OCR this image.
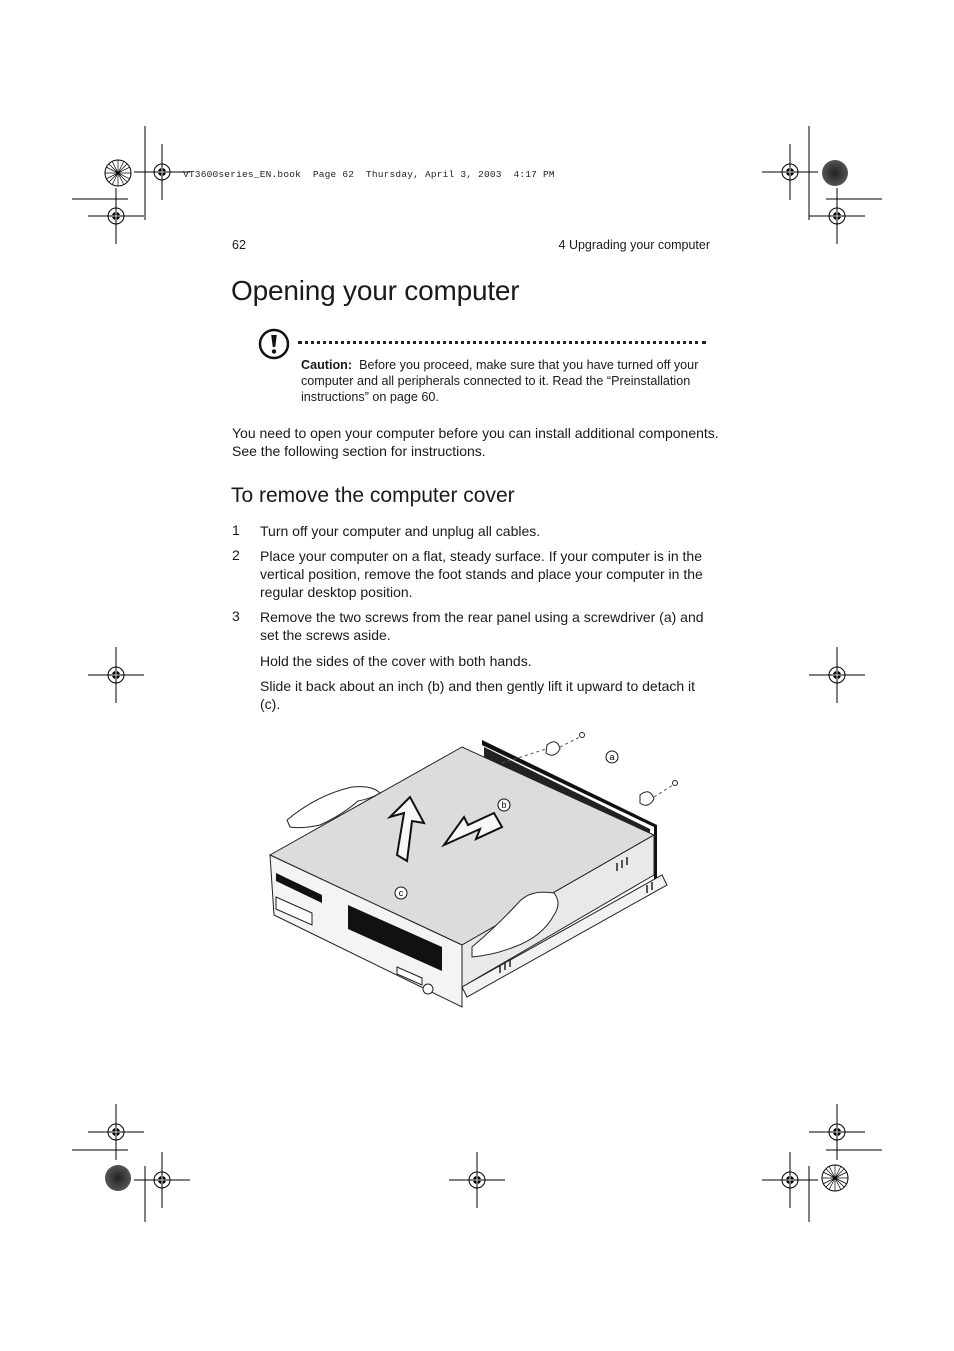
VT3600series_EN.book  Page 62  Thursday, April 3, 2003  4:17 PM
62	4 Upgrading your computer
Opening your computer
Caution: Before you proceed, make sure that you have turned off your computer and all peripherals connected to it. Read the “Preinstallation instructions” on page 60.
You need to open your computer before you can install additional components. See the following section for instructions.
To remove the computer cover
1 Turn off your computer and unplug all cables.
2 Place your computer on a flat, steady surface. If your computer is in the vertical position, remove the foot stands and place your computer in the regular desktop position.
3 Remove the two screws from the rear panel using a screwdriver (a) and set the screws aside.
Hold the sides of the cover with both hands.
Slide it back about an inch (b) and then gently lift it upward to detach it (c).
a
b
c
